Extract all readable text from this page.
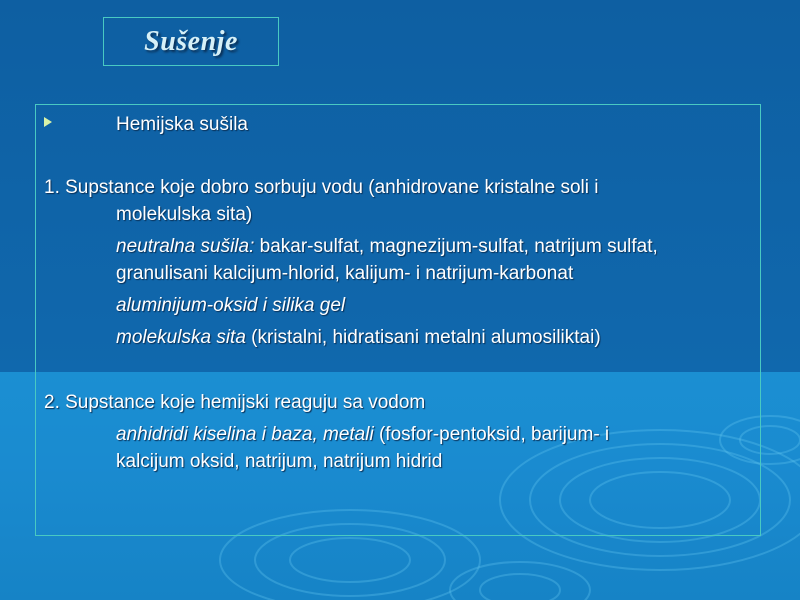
Sušenje
Hemijska sušila
1. Supstance koje dobro sorbuju vodu (anhidrovane kristalne soli i
molekulska sita)
neutralna sušila: bakar-sulfat, magnezijum-sulfat, natrijum sulfat,
granulisani kalcijum-hlorid, kalijum- i natrijum-karbonat
aluminijum-oksid i silika gel
molekulska sita (kristalni, hidratisani metalni alumosiliktai)
2. Supstance koje hemijski reaguju sa vodom
anhidridi kiselina i baza, metali (fosfor-pentoksid, barijum- i
kalcijum oksid, natrijum, natrijum hidrid
